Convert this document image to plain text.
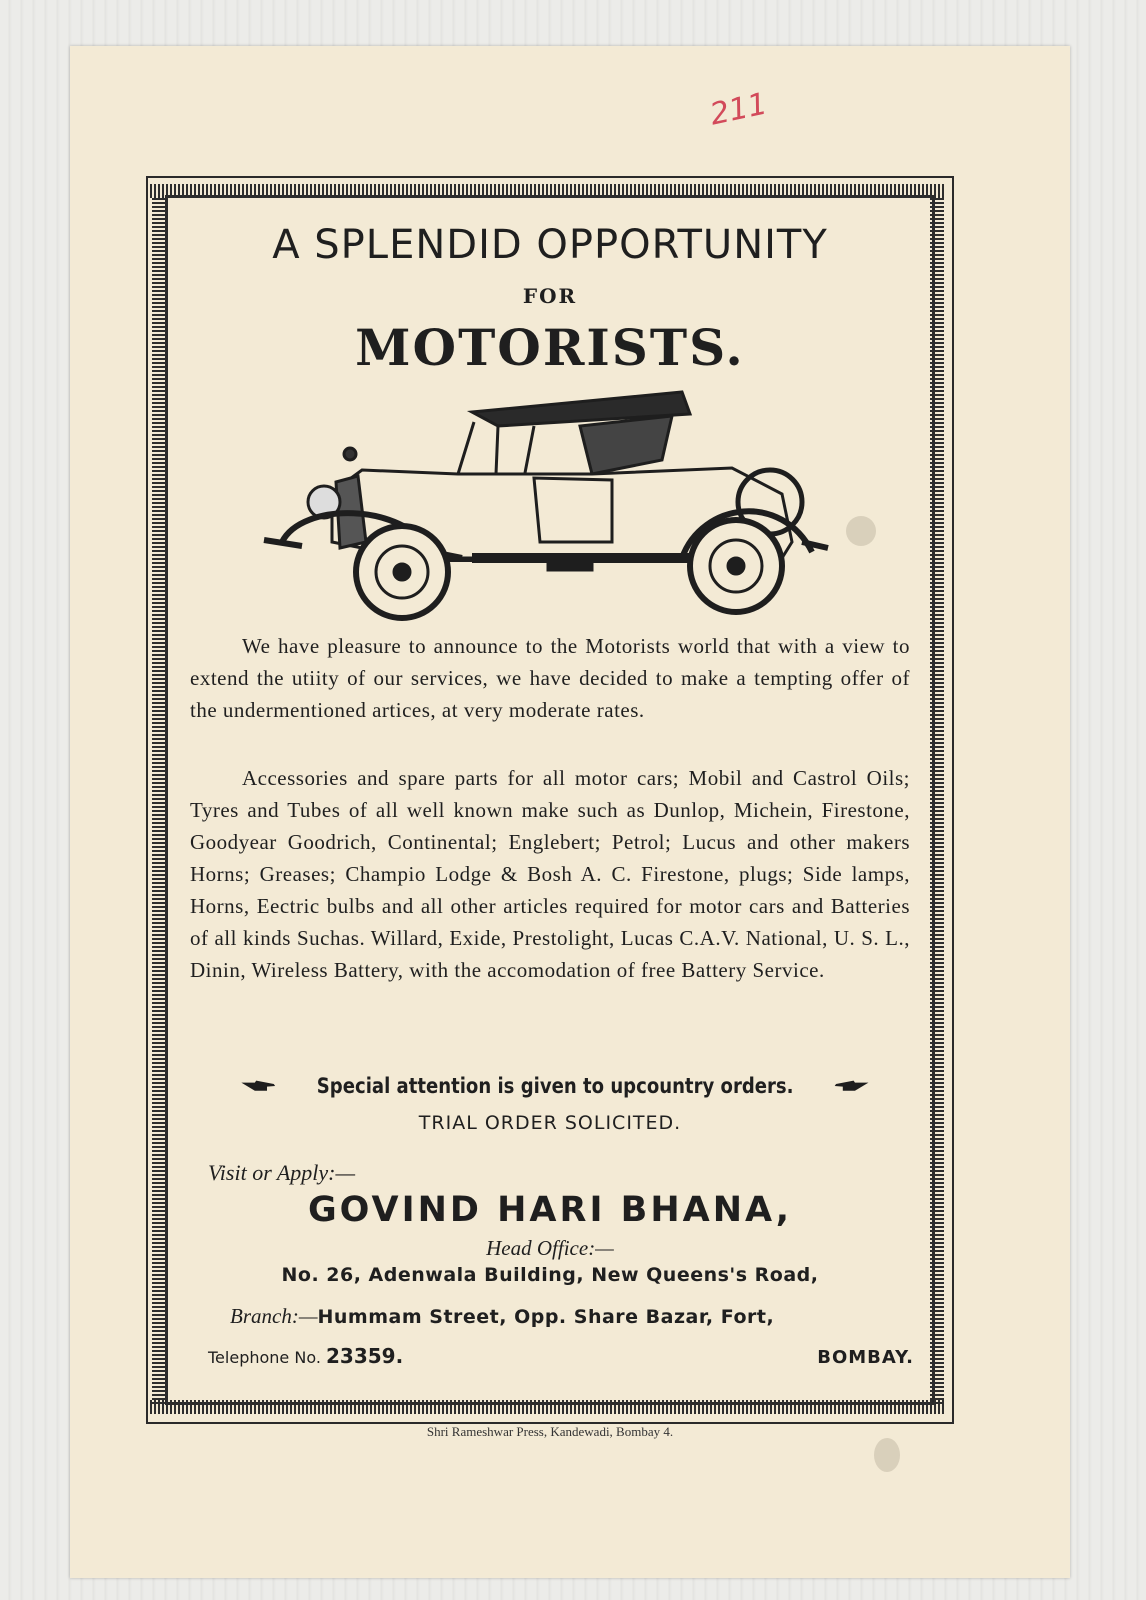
211
A SPLENDID OPPORTUNITY
FOR
MOTORISTS.
We have pleasure to announce to the Motorists world that with a view to extend the utiity of our services, we have decided to make a tempting offer of the undermentioned artices, at very moderate rates.
Accessories and spare parts for all motor cars; Mobil and Castrol Oils; Tyres and Tubes of all well known make such as Dunlop, Michein, Firestone, Goodyear Goodrich, Continental; Englebert; Petrol; Lucus and other makers Horns; Greases; Champio Lodge & Bosh A. C. Firestone, plugs; Side lamps, Horns, Eectric bulbs and all other articles required for motor cars and Batteries of all kinds Suchas. Willard, Exide, Prestolight, Lucas C.A.V. National, U. S. L., Dinin, Wireless Battery, with the accomodation of free Battery Service.
Special attention is given to upcountry orders.
TRIAL ORDER SOLICITED.
Visit or Apply:—
GOVIND HARI BHANA,
Head Office:—
No. 26, Adenwala Building, New Queens's Road,
Branch:—Hummam Street, Opp. Share Bazar, Fort,
Telephone No. 23359.	BOMBAY.
Shri Rameshwar Press, Kandewadi, Bombay 4.
